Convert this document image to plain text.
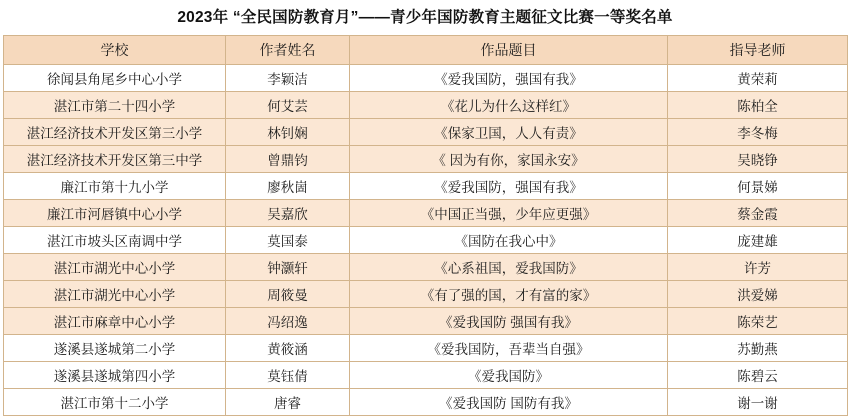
2023年 “全民国防教育月”——青少年国防教育主题征文比赛一等奖名单
学校	作者姓名	作品题目	指导老师
徐闻县角尾乡中心小学	李颖洁	《爱我国防，强国有我》	黄荣莉
湛江市第二十四小学	何艾芸	《花儿为什么这样红》	陈柏全
湛江经济技术开发区第三小学	林钊娴	《保家卫国，人人有责》	李冬梅
湛江经济技术开发区第三中学	曾鼎钧	《 因为有你，家国永安》	吴晓铮
廉江市第十九小学	廖秋崮	《爱我国防，强国有我》	何景娣
廉江市河唇镇中心小学	吴嘉欣	《中国正当强，少年应更强》	蔡金霞
湛江市坡头区南调中学	莫国泰	《国防在我心中》	庞建雄
湛江市湖光中心小学	钟灏轩	《心系祖国，爱我国防》	许芳
湛江市湖光中心小学	周筱曼	《有了强的国，才有富的家》	洪爱娣
湛江市麻章中心小学	冯绍逸	《爱我国防 强国有我》	陈荣艺
遂溪县遂城第二小学	黄筱涵	《爱我国防，吾辈当自强》	苏勤燕
遂溪县遂城第四小学	莫钰倩	《爱我国防》	陈碧云
湛江市第十二小学	唐睿	《爱我国防 国防有我》	谢一谢
